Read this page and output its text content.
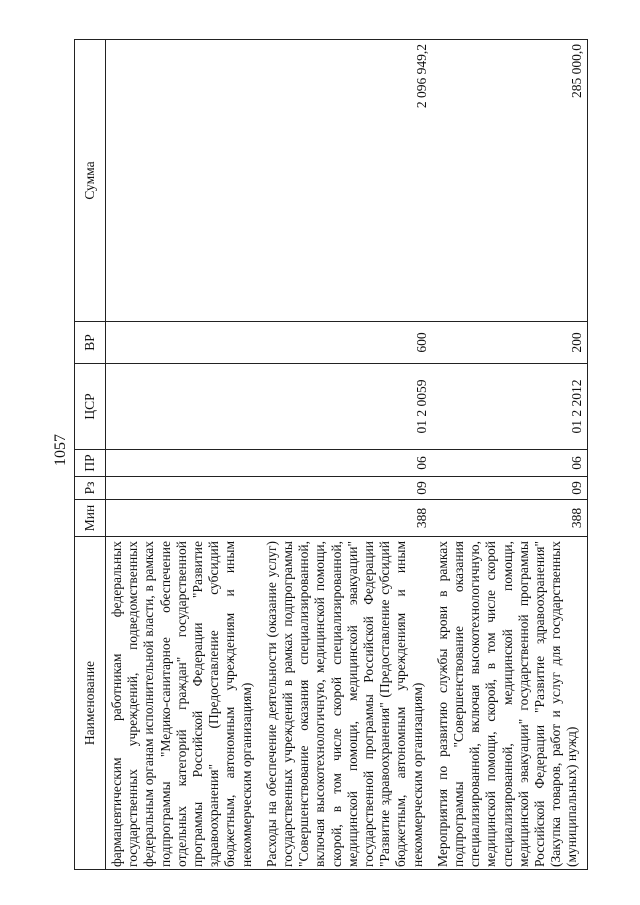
1057
Наименование	Мин	Рз	ПР	ЦСР	ВР	Сумма
фармацевтическим работникам федеральных государственных учреждений, подведомственных федеральным органам исполнительной власти, в рамках подпрограммы "Медико-санитарное обеспечение отдельных категорий граждан" государственной программы Российской Федерации "Развитие здравоохранения" (Предоставление субсидий бюджетным, автономным учреждениям и иным некоммерческим организациям)						
Расходы на обеспечение деятельности (оказание услуг) государственных учреждений в рамках подпрограммы "Совершенствование оказания специализированной, включая высокотехнологичную, медицинской помощи, скорой, в том числе скорой специализированной, медицинской помощи, медицинской эвакуации" государственной программы Российской Федерации "Развитие здравоохранения" (Предоставление субсидий бюджетным, автономным учреждениям и иным некоммерческим организациям)	388	09	06	01 2 0059	600	2 096 949,2
Мероприятия по развитию службы крови в рамках подпрограммы "Совершенствование оказания специализированной, включая высокотехнологичную, медицинской помощи, скорой, в том числе скорой специализированной, медицинской помощи, медицинской эвакуации" государственной программы Российской Федерации "Развитие здравоохранения" (Закупка товаров, работ и услуг для государственных (муниципальных) нужд)	388	09	06	01 2 2012	200	285 000,0
